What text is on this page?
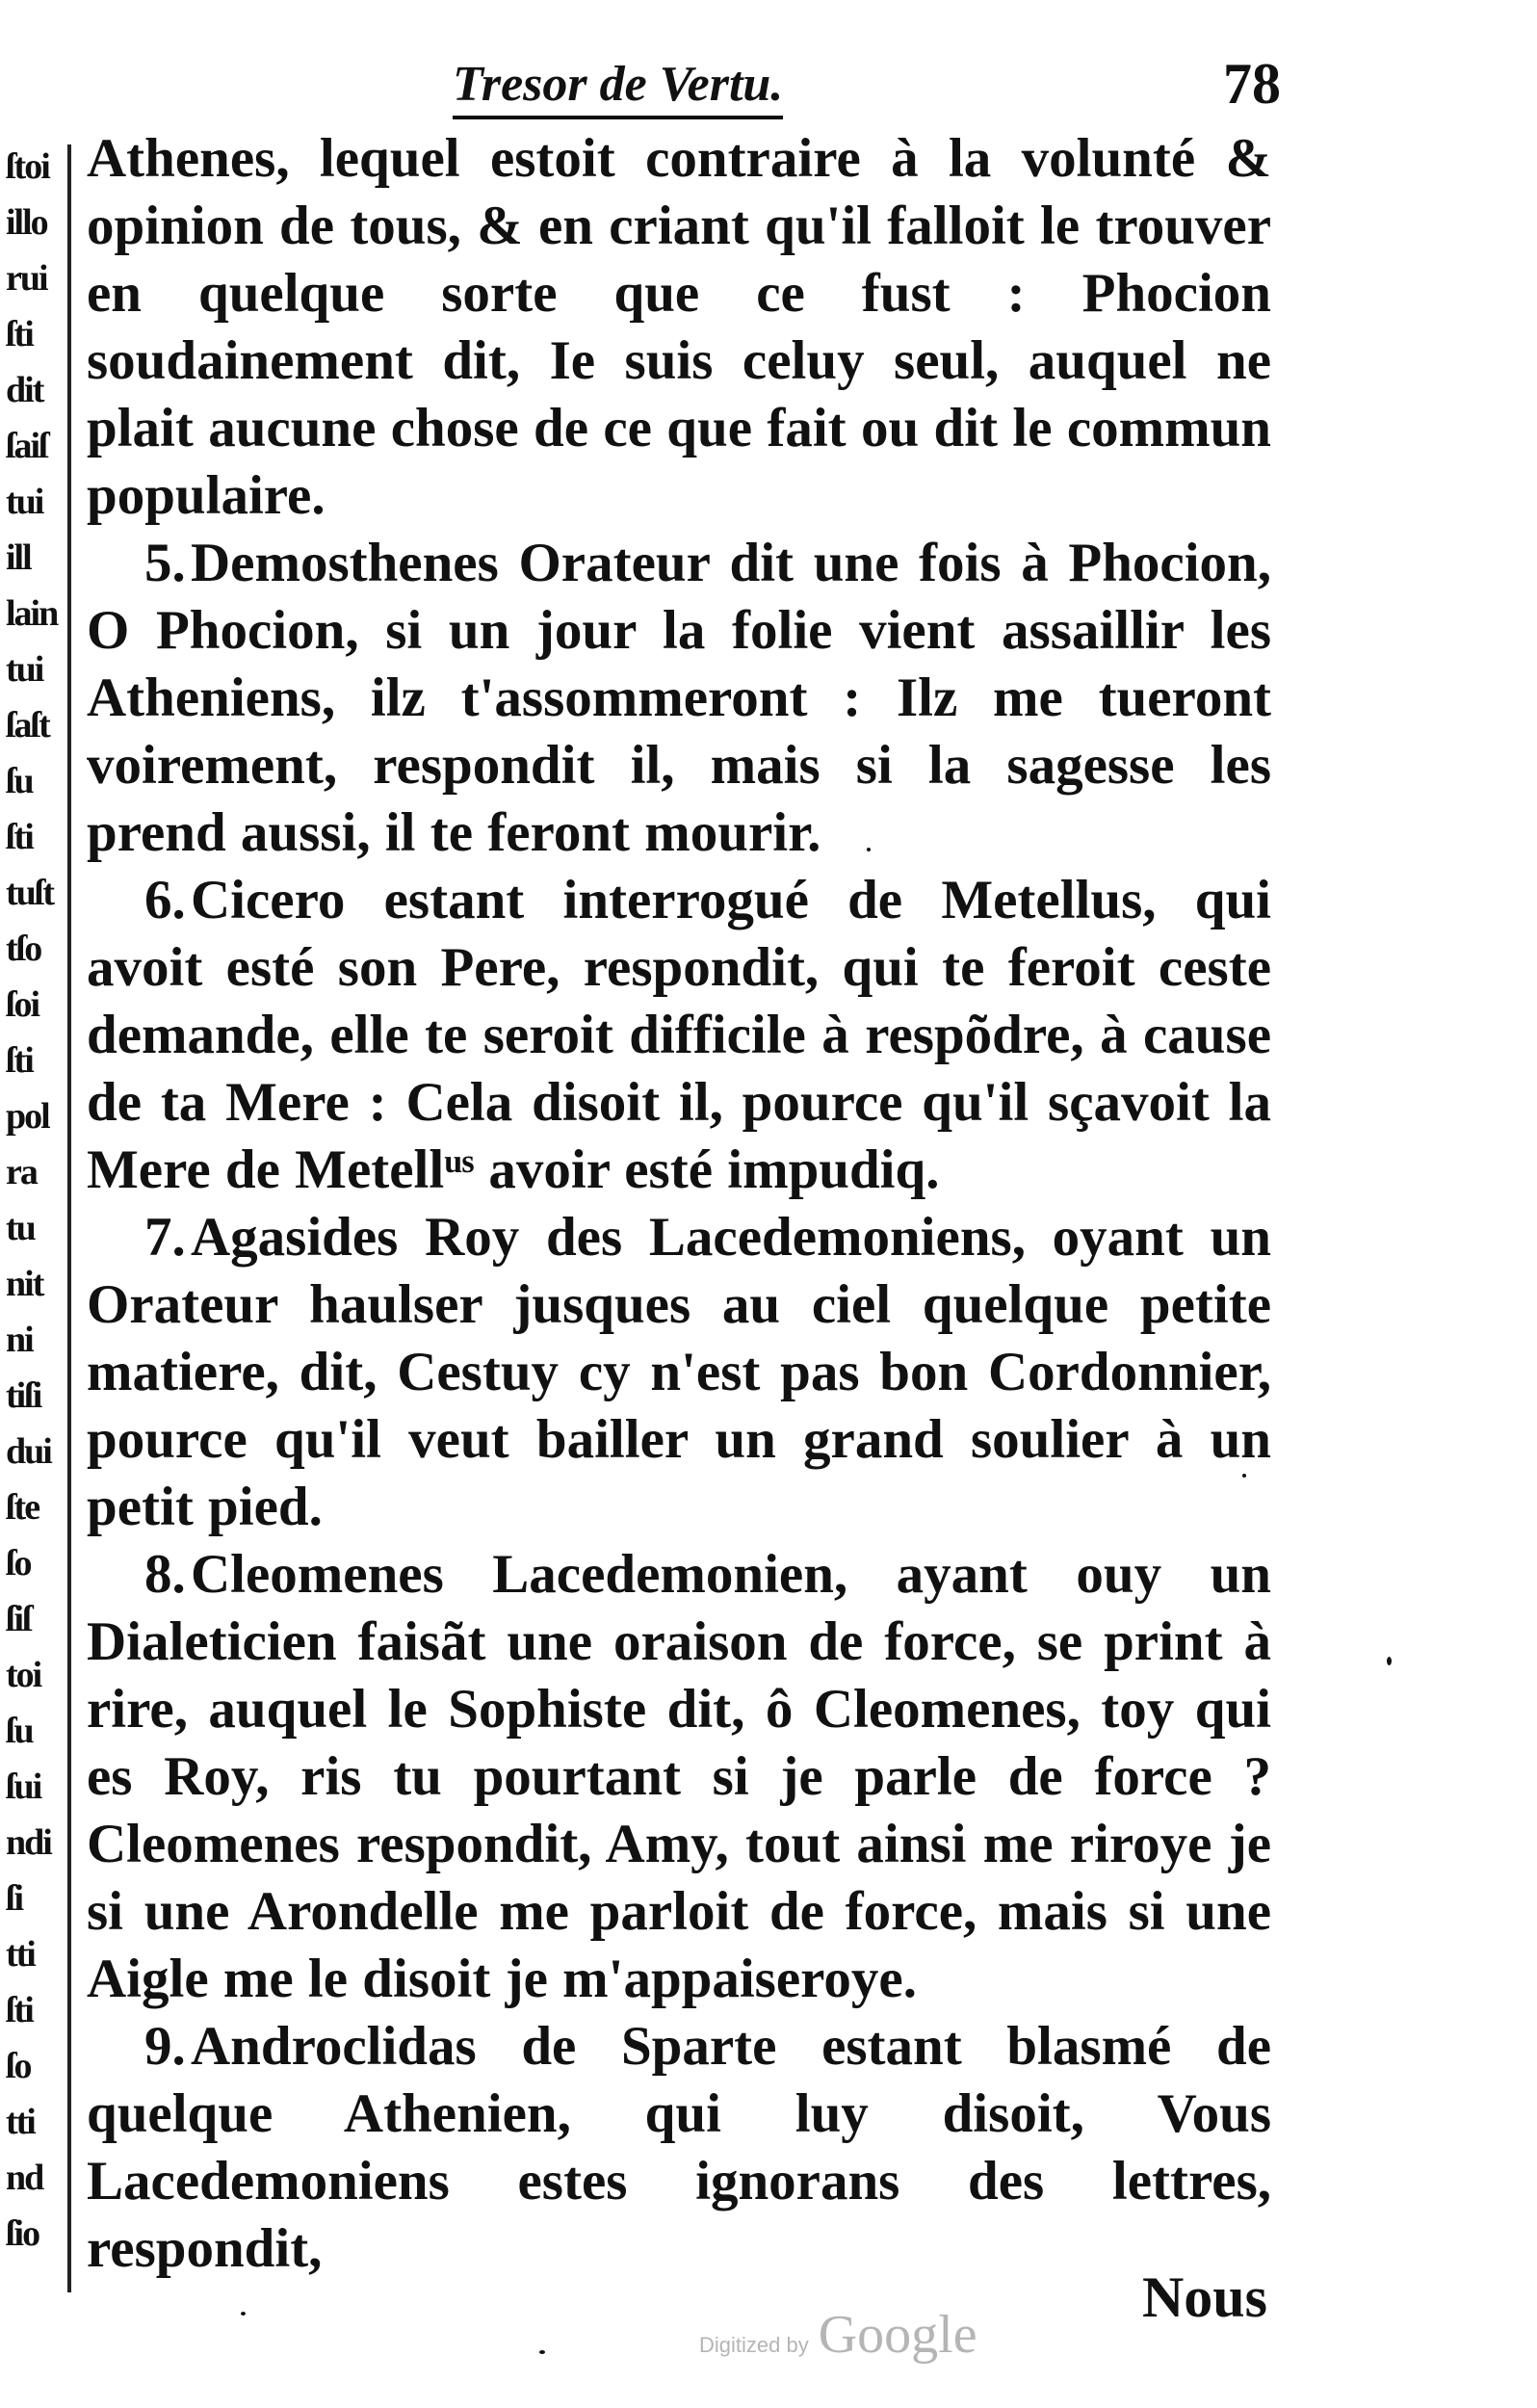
ſtoi
illo
rui
ſti
dit
ſaiſ
tui
ill
lain
tui
ſaſt
ſu
ſti
tuſt
tſo
ſoi
ſti
pol
ra
tu
nit
ni
tiſi
dui
ſte
ſo
ſiſ
toi
ſu
ſui
ndi
ſi
tti
ſti
ſo
tti
nd
ſio
Tresor de Vertu.	78

Athenes, lequel estoit contraire à la volunté & opinion de tous, & en criant qu'il falloit le trouver en quelque sorte que ce fust : Phocion soudainement dit, Ie suis celuy seul, auquel ne plait aucune chose de ce que fait ou dit le commun populaire.

5.Demosthenes Orateur dit une fois à Phocion, O Phocion, si un jour la folie vient assaillir les Atheniens, ilz t'assommeront : Ilz me tueront voirement, respondit il, mais si la sagesse les prend aussi, il te feront mourir.

6.Cicero estant interrogué de Metellus, qui avoit esté son Pere, respondit, qui te feroit ceste demande, elle te seroit difficile à respõdre, à cause de ta Mere : Cela disoit il, pource qu'il sçavoit la Mere de Metellᵘˢ avoir esté impudiq.

7.Agasides Roy des Lacedemoniens, oyant un Orateur haulser jusques au ciel quelque petite matiere, dit, Cestuy cy n'est pas bon Cordonnier, pource qu'il veut bailler un grand soulier à un petit pied.

8.Cleomenes Lacedemonien, ayant ouy un Dialeticien faisãt une oraison de force, se print à rire, auquel le Sophiste dit, ô Cleomenes, toy qui es Roy, ris tu pourtant si je parle de force ? Cleomenes respondit, Amy, tout ainsi me riroye je si une Arondelle me parloit de force, mais si une Aigle me le disoit je m'appaiseroye.

9.Androclidas de Sparte estant blasmé de quelque Athenien, qui luy disoit, Vous Lacedemoniens estes ignorans des lettres, respondit,

Nous
Digitized by Google
